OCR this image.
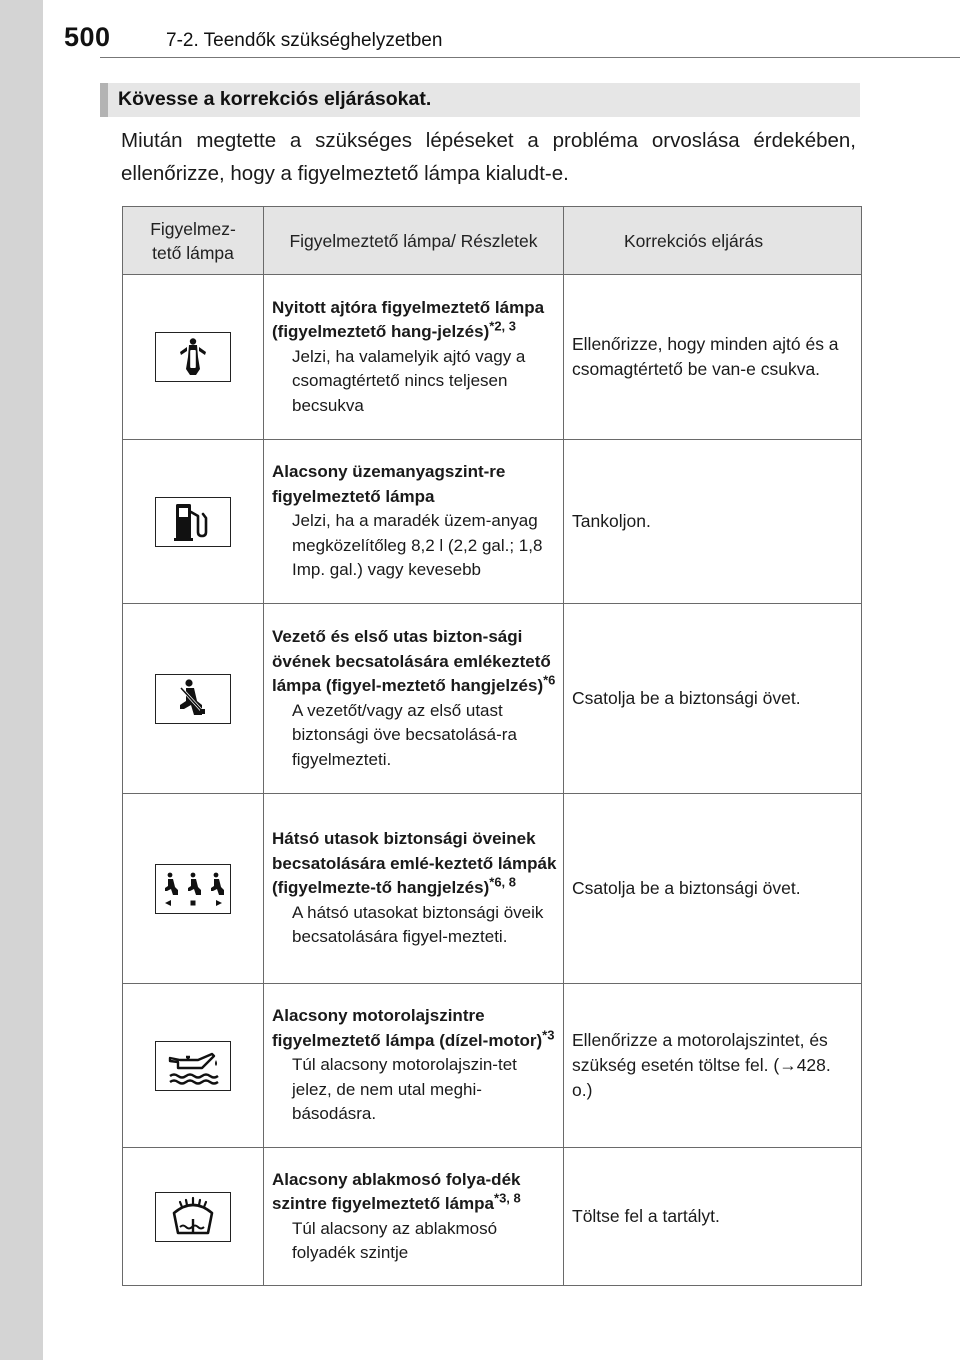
500	7-2. Teendők szükséghelyzetben
Kövesse a korrekciós eljárásokat.
Miután megtette a szükséges lépéseket a probléma orvoslása érdekében, ellenőrizze, hogy a figyelmeztető lámpa kialudt-e.
Figyelmez-tető lámpa	Figyelmeztető lámpa/ Részletek	Korrekciós eljárás

Nyitott ajtóra figyelmeztető lámpa (figyelmeztető hang-jelzés)$^{*2, 3}$
Jelzi, ha valamelyik ajtó vagy a csomagtértető nincs teljesen becsukva	Ellenőrizze, hogy minden ajtó és a csomagtértető be van-e csukva.

Alacsony üzemanyagszint-re figyelmeztető lámpa
Jelzi, ha a maradék üzem-anyag megközelítőleg 8,2 l (2,2 gal.; 1,8 Imp. gal.) vagy kevesebb	Tankoljon.

Vezető és első utas bizton-sági övének becsatolására emlékeztető lámpa (figyel-meztető hangjelzés)$^{*6}$
A vezetőt/vagy az első utast biztonsági öve becsatolásá-ra figyelmezteti.	Csatolja be a biztonsági övet.

Hátsó utasok biztonsági öveinek becsatolására emlé-keztető lámpák (figyelmezte-tő hangjelzés)$^{*6, 8}$
A hátsó utasokat biztonsági öveik becsatolására figyel-mezteti.	Csatolja be a biztonsági övet.

Alacsony motorolajszintre figyelmeztető lámpa (dízel-motor)$^{*3}$
Túl alacsony motorolajszin-tet jelez, de nem utal meghi-básodásra.	Ellenőrizze a motorolajszintet, és szükség esetén töltse fel. (→428. o.)

Alacsony ablakmosó folya-dék szintre figyelmeztető lámpa$^{*3, 8}$
Túl alacsony az ablakmosó folyadék szintje	Töltse fel a tartályt.
